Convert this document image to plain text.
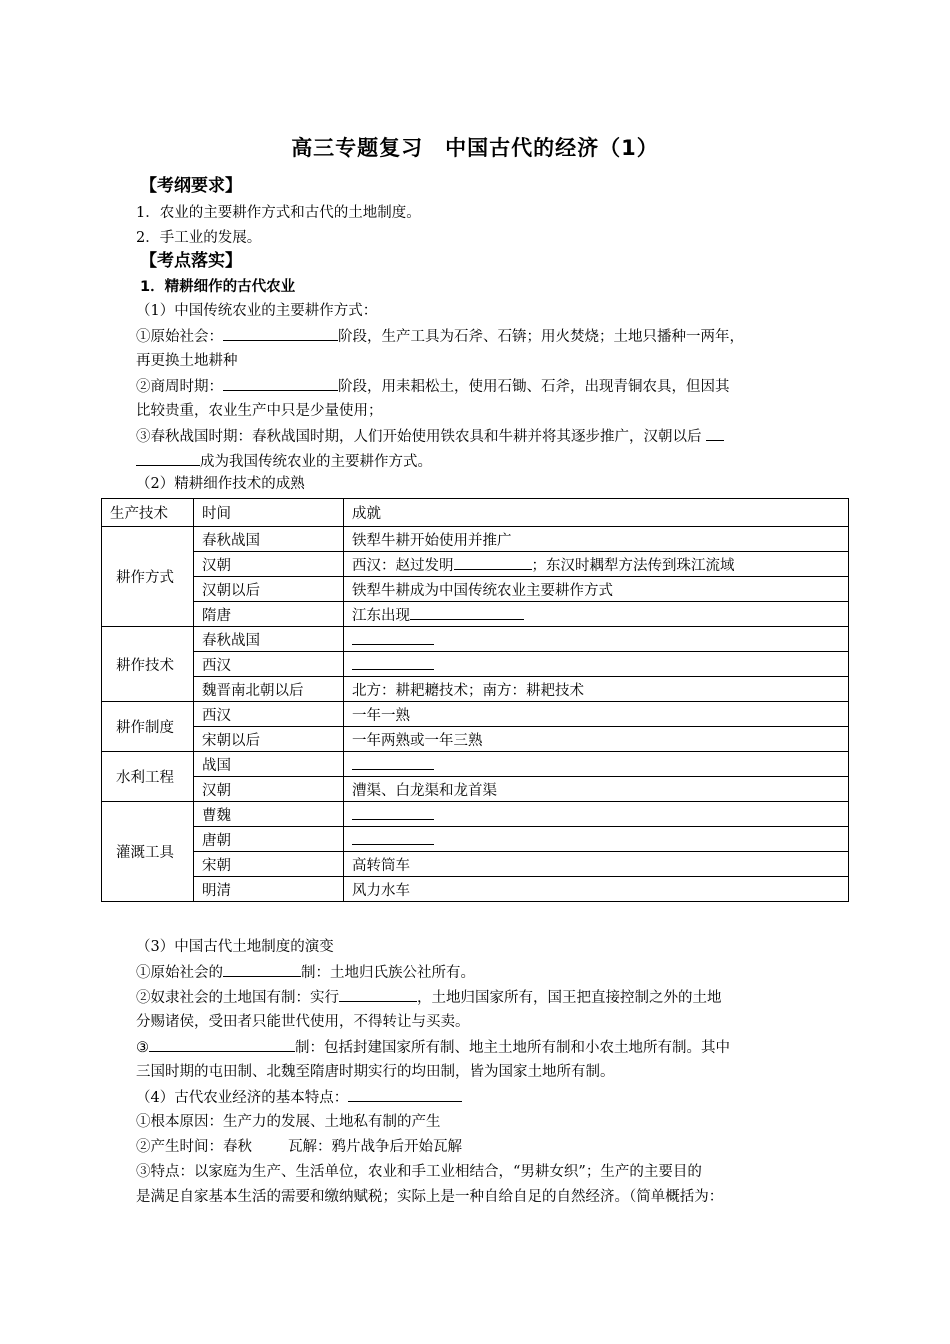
高三专题复习　中国古代的经济（1）
【考纲要求】
1．农业的主要耕作方式和古代的土地制度。
2．手工业的发展。
【考点落实】
1．精耕细作的古代农业
（1）中国传统农业的主要耕作方式：
①原始社会：	阶段，生产工具为石斧、石锛；用火焚烧；土地只播种一两年，
再更换土地耕种
②商周时期：	阶段，用耒耜松土，使用石锄、石斧，出现青铜农具，但因其
比较贵重，农业生产中只是少量使用；
③春秋战国时期：春秋战国时期，人们开始使用铁农具和牛耕并将其逐步推广，汉朝以后
成为我国传统农业的主要耕作方式。
（2）精耕细作技术的成熟
生产技术	时间	成就
耕作方式	春秋战国	铁犁牛耕开始使用并推广
	汉朝	西汉：赵过发明 ；东汉时耦犁方法传到珠江流域
	汉朝以后	铁犁牛耕成为中国传统农业主要耕作方式
	隋唐	江东出现
耕作技术	春秋战国	
	西汉	
	魏晋南北朝以后	北方：耕耙耱技术；南方：耕耙技术
耕作制度	西汉	一年一熟
	宋朝以后	一年两熟或一年三熟
水利工程	战国	
	汉朝	漕渠、白龙渠和龙首渠
灌溉工具	曹魏	
	唐朝	
	宋朝	高转筒车
	明清	风力水车
（3）中国古代土地制度的演变
①原始社会的	制：土地归氏族公社所有。
②奴隶社会的土地国有制：实行	，土地归国家所有，国王把直接控制之外的土地
分赐诸侯，受田者只能世代使用，不得转让与买卖。
③	制：包括封建国家所有制、地主土地所有制和小农土地所有制。其中
三国时期的屯田制、北魏至隋唐时期实行的均田制，皆为国家土地所有制。
（4）古代农业经济的基本特点：
①根本原因：生产力的发展、土地私有制的产生
②产生时间：春秋 瓦解：鸦片战争后开始瓦解
③特点：以家庭为生产、生活单位，农业和手工业相结合，“男耕女织”；生产的主要目的
是满足自家基本生活的需要和缴纳赋税；实际上是一种自给自足的自然经济。（简单概括为：
